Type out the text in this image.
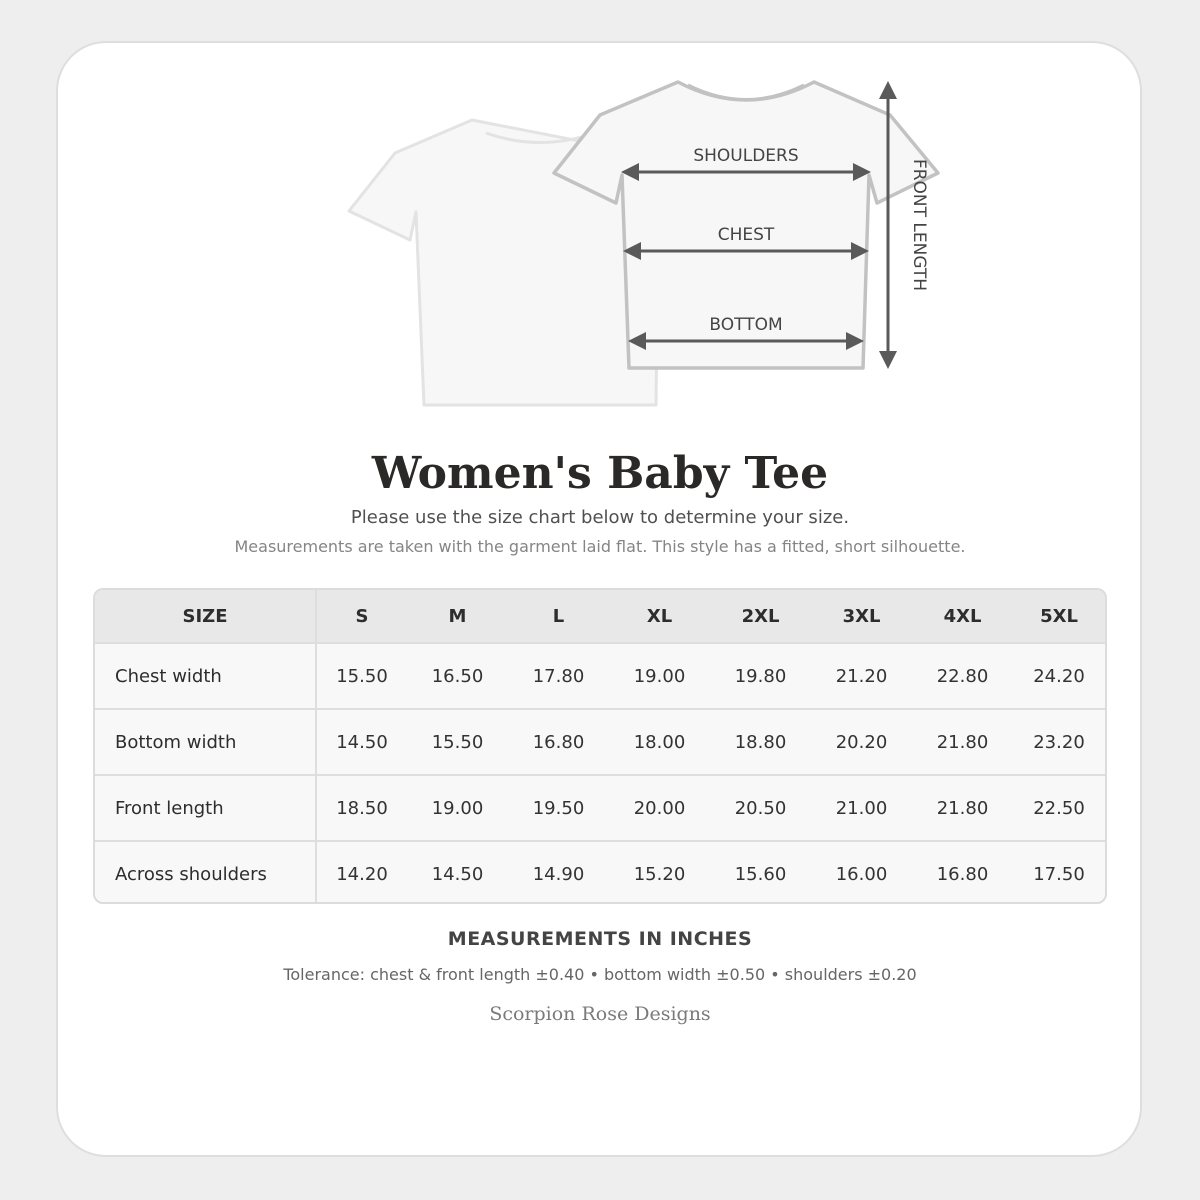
SHOULDERS
CHEST
BOTTOM
FRONT LENGTH
Women's Baby Tee
Please use the size chart below to determine your size.
Measurements are taken with the garment laid flat. This style has a fitted, short silhouette.
SIZE	S	M	L	XL	2XL	3XL	4XL	5XL
Chest width	15.50	16.50	17.80	19.00	19.80	21.20	22.80	24.20
Bottom width	14.50	15.50	16.80	18.00	18.80	20.20	21.80	23.20
Front length	18.50	19.00	19.50	20.00	20.50	21.00	21.80	22.50
Across shoulders	14.20	14.50	14.90	15.20	15.60	16.00	16.80	17.50
MEASUREMENTS IN INCHES
Tolerance: chest & front length ±0.40 • bottom width ±0.50 • shoulders ±0.20
Scorpion Rose Designs
